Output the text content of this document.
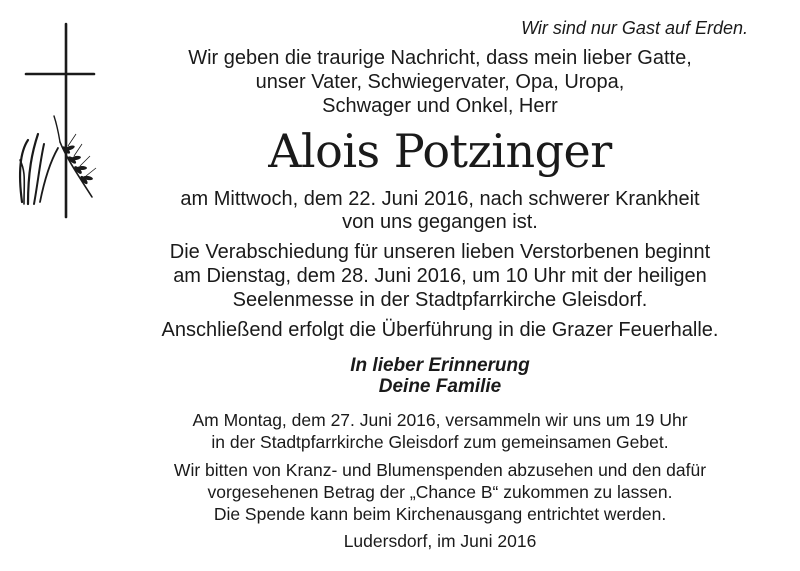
Wir sind nur Gast auf Erden.
Wir geben die traurige Nachricht, dass mein lieber Gatte,
unser Vater, Schwiegervater, Opa, Uropa,
Schwager und Onkel, Herr
Alois Potzinger
am Mittwoch, dem 22. Juni 2016, nach schwerer Krankheit
von uns gegangen ist.
Die Verabschiedung für unseren lieben Verstorbenen beginnt
am Dienstag, dem 28. Juni 2016, um 10 Uhr mit der heiligen
Seelenmesse in der Stadtpfarrkirche Gleisdorf.
Anschließend erfolgt die Überführung in die Grazer Feuerhalle.
In lieber Erinnerung
Deine Familie
Am Montag, dem 27. Juni 2016, versammeln wir uns um 19 Uhr
in der Stadtpfarrkirche Gleisdorf zum gemeinsamen Gebet.
Wir bitten von Kranz- und Blumenspenden abzusehen und den dafür
vorgesehenen Betrag der „Chance B“ zukommen zu lassen.
Die Spende kann beim Kirchenausgang entrichtet werden.
Ludersdorf, im Juni 2016
